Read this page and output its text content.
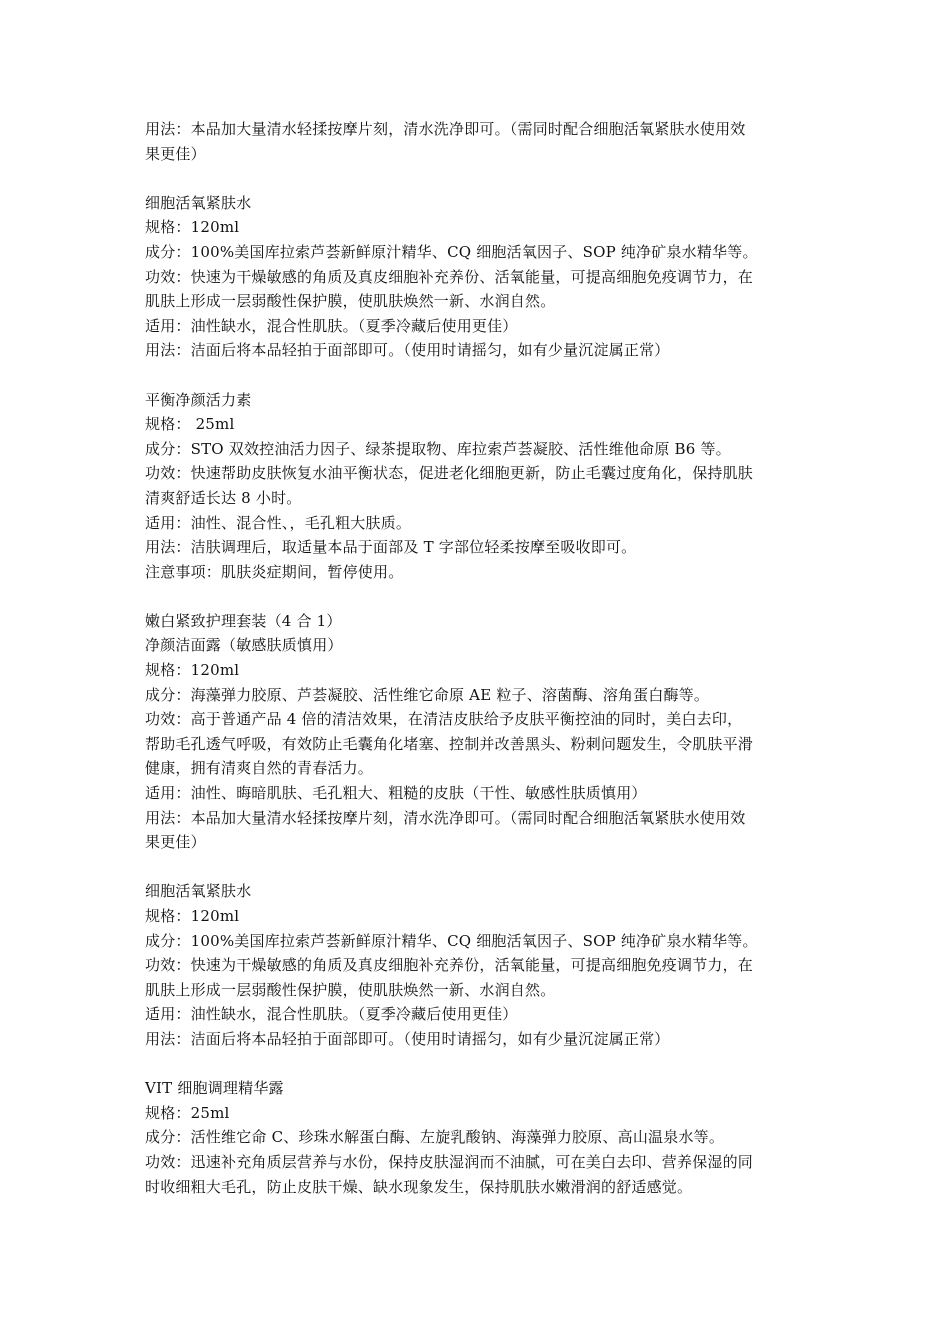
用法：本品加大量清水轻揉按摩片刻，清水洗净即可。（需同时配合细胞活氧紧肤水使用效
果更佳）
细胞活氧紧肤水
规格：120ml
成分：100%美国库拉索芦荟新鲜原汁精华、CQ 细胞活氧因子、SOP 纯净矿泉水精华等。
功效：快速为干燥敏感的角质及真皮细胞补充养份、活氧能量，可提高细胞免疫调节力，在
肌肤上形成一层弱酸性保护膜，使肌肤焕然一新、水润自然。
适用：油性缺水，混合性肌肤。（夏季冷藏后使用更佳）
用法：洁面后将本品轻拍于面部即可。（使用时请摇匀，如有少量沉淀属正常）
平衡净颜活力素
规格： 25ml
成分：STO 双效控油活力因子、绿茶提取物、库拉索芦荟凝胶、活性维他命原 B6 等。
功效：快速帮助皮肤恢复水油平衡状态，促进老化细胞更新，防止毛囊过度角化，保持肌肤
清爽舒适长达 8 小时。
适用：油性、混合性、，毛孔粗大肤质。
用法：洁肤调理后，取适量本品于面部及 T 字部位轻柔按摩至吸收即可。
注意事项：肌肤炎症期间，暂停使用。
嫩白紧致护理套装（4 合 1）
净颜洁面露（敏感肤质慎用）
规格：120ml
成分：海藻弹力胶原、芦荟凝胶、活性维它命原 AE 粒子、溶菌酶、溶角蛋白酶等。
功效：高于普通产品 4 倍的清洁效果，在清洁皮肤给予皮肤平衡控油的同时，美白去印，
帮助毛孔透气呼吸，有效防止毛囊角化堵塞、控制并改善黑头、粉刺问题发生，令肌肤平滑
健康，拥有清爽自然的青春活力。
适用：油性、晦暗肌肤、毛孔粗大、粗糙的皮肤（干性、敏感性肤质慎用）
用法：本品加大量清水轻揉按摩片刻，清水洗净即可。（需同时配合细胞活氧紧肤水使用效
果更佳）
细胞活氧紧肤水
规格：120ml
成分：100%美国库拉索芦荟新鲜原汁精华、CQ 细胞活氧因子、SOP 纯净矿泉水精华等。
功效：快速为干燥敏感的角质及真皮细胞补充养份，活氧能量，可提高细胞免疫调节力，在
肌肤上形成一层弱酸性保护膜，使肌肤焕然一新、水润自然。
适用：油性缺水，混合性肌肤。（夏季冷藏后使用更佳）
用法：洁面后将本品轻拍于面部即可。（使用时请摇匀，如有少量沉淀属正常）
VIT 细胞调理精华露
规格：25ml
成分：活性维它命 C、珍珠水解蛋白酶、左旋乳酸钠、海藻弹力胶原、高山温泉水等。
功效：迅速补充角质层营养与水份，保持皮肤湿润而不油腻，可在美白去印、营养保湿的同
时收细粗大毛孔，防止皮肤干燥、缺水现象发生，保持肌肤水嫩滑润的舒适感觉。
